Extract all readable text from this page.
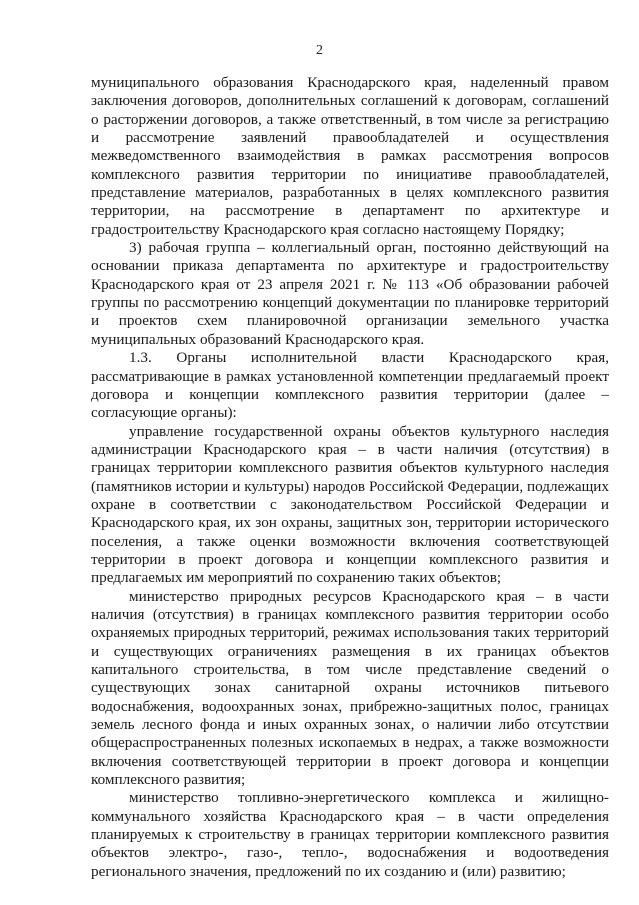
2

муниципального образования Краснодарского края, наделенный правом заключения договоров, дополнительных соглашений к договорам, соглашений о расторжении договоров, а также ответственный, в том числе за регистрацию и рассмотрение заявлений правообладателей и осуществления межведомственного взаимодействия в рамках рассмотрения вопросов комплексного развития территории по инициативе правообладателей, представление материалов, разработанных в целях комплексного развития территории, на рассмотрение в департамент по архитектуре и градостроительству Краснодарского края согласно настоящему Порядку;

3) рабочая группа – коллегиальный орган, постоянно действующий на основании приказа департамента по архитектуре и градостроительству Краснодарского края от 23 апреля 2021 г. № 113 «Об образовании рабочей группы по рассмотрению концепций документации по планировке территорий и проектов схем планировочной организации земельного участка муниципальных образований Краснодарского края.

1.3. Органы исполнительной власти Краснодарского края, рассматривающие в рамках установленной компетенции предлагаемый проект договора и концепции комплексного развития территории (далее – согласующие органы):

управление государственной охраны объектов культурного наследия администрации Краснодарского края – в части наличия (отсутствия) в границах территории комплексного развития объектов культурного наследия (памятников истории и культуры) народов Российской Федерации, подлежащих охране в соответствии с законодательством Российской Федерации и Краснодарского края, их зон охраны, защитных зон, территории исторического поселения, а также оценки возможности включения соответствующей территории в проект договора и концепции комплексного развития и предлагаемых им мероприятий по сохранению таких объектов;

министерство природных ресурсов Краснодарского края – в части наличия (отсутствия) в границах комплексного развития территории особо охраняемых природных территорий, режимах использования таких территорий и существующих ограничениях размещения в их границах объектов капитального строительства, в том числе представление сведений о существующих зонах санитарной охраны источников питьевого водоснабжения, водоохранных зонах, прибрежно-защитных полос, границах земель лесного фонда и иных охранных зонах, о наличии либо отсутствии общераспространенных полезных ископаемых в недрах, а также возможности включения соответствующей территории в проект договора и концепции комплексного развития;

министерство топливно-энергетического комплекса и жилищно-коммунального хозяйства Краснодарского края – в части определения планируемых к строительству в границах территории комплексного развития объектов электро-, газо-, тепло-, водоснабжения и водоотведения регионального значения, предложений по их созданию и (или) развитию;
